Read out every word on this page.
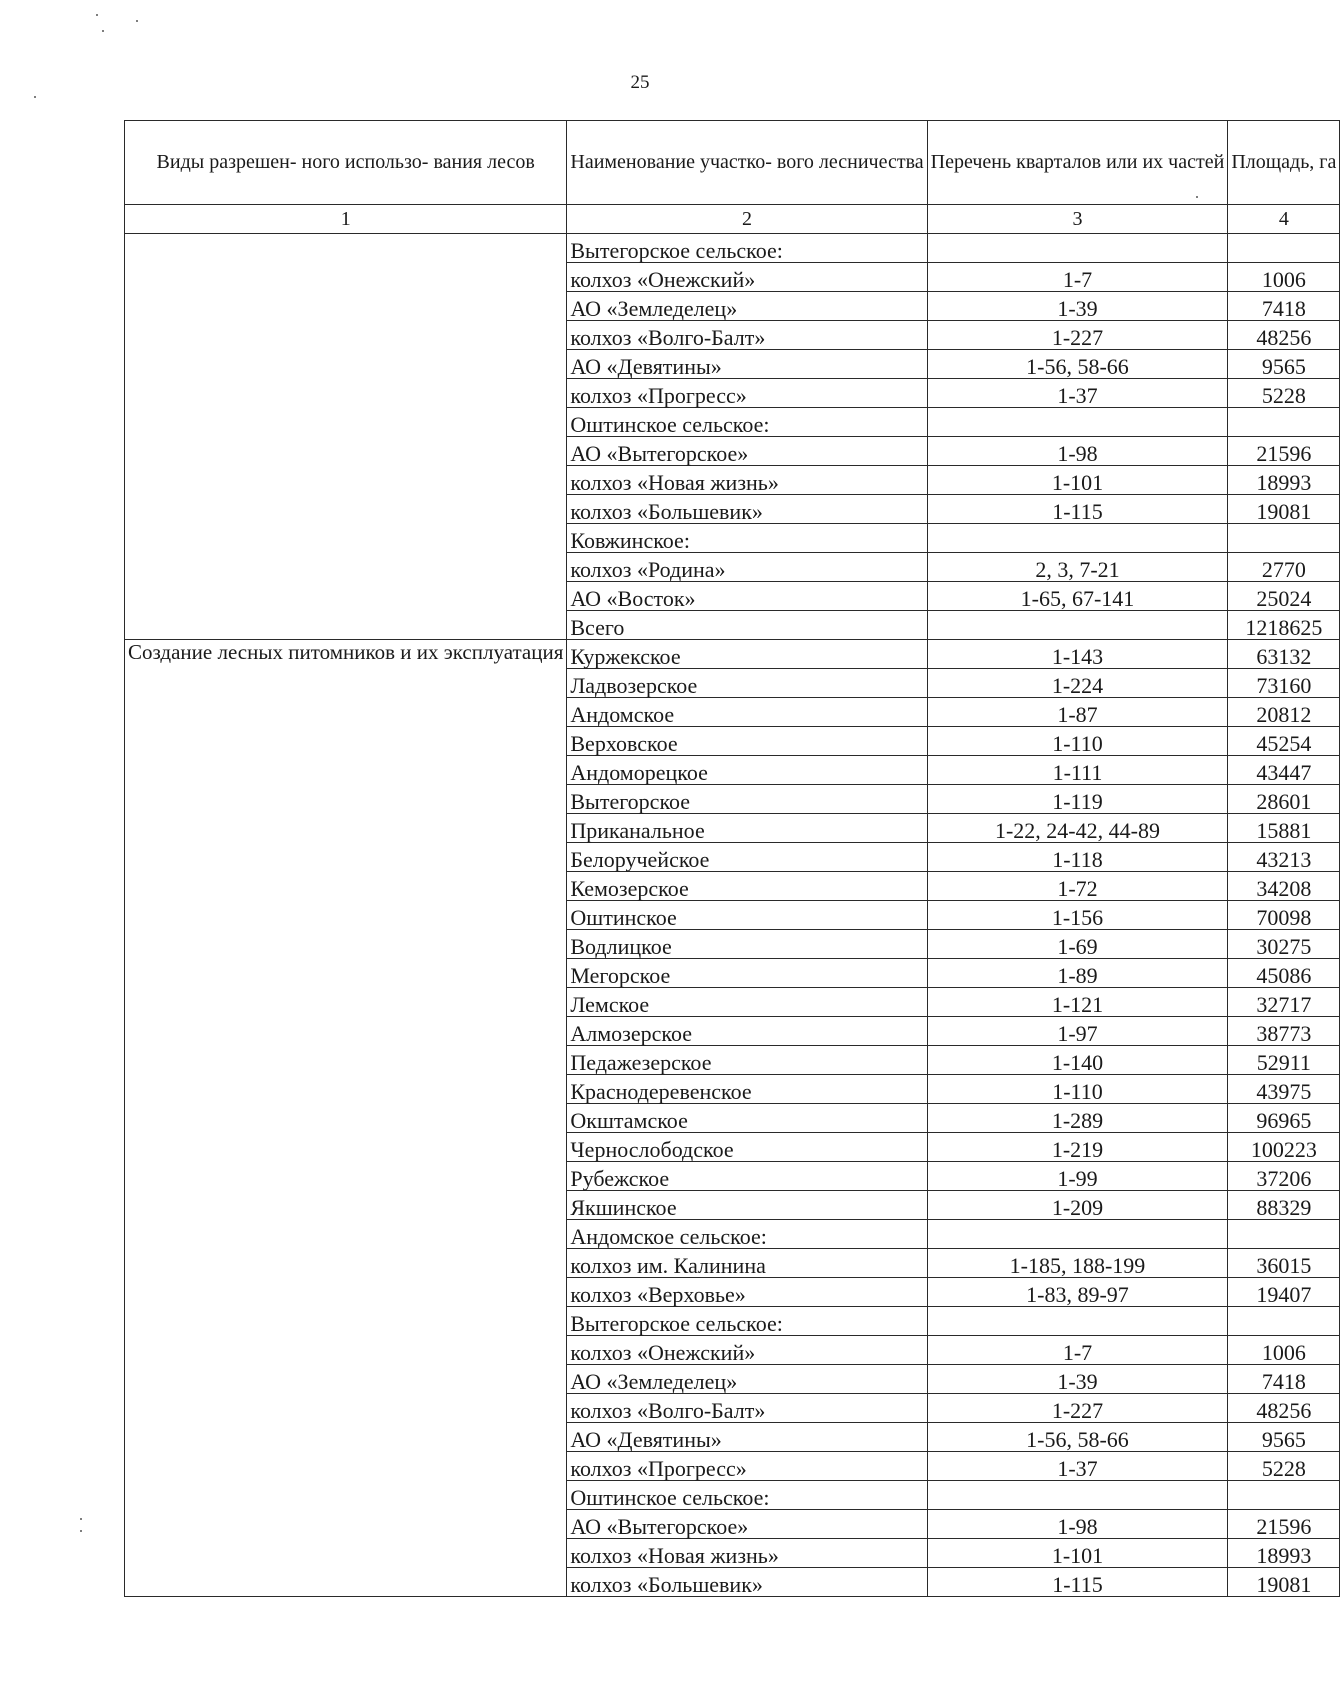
25
Виды разрешен- ного использо- вания лесов	Наименование участко- вого лесничества	Перечень кварталов или их частей	Площадь, га
1	2	3	4
	Вытегорское сельское:		
	колхоз «Онежский»	1-7	1006
	АО «Земледелец»	1-39	7418
	колхоз «Волго-Балт»	1-227	48256
	АО «Девятины»	1-56, 58-66	9565
	колхоз «Прогресс»	1-37	5228
	Оштинское сельское:		
	АО «Вытегорское»	1-98	21596
	колхоз «Новая жизнь»	1-101	18993
	колхоз «Большевик»	1-115	19081
	Ковжинское:		
	колхоз «Родина»	2, 3, 7-21	2770
	АО «Восток»	1-65, 67-141	25024
	Всего		1218625
Создание лесных питомников и их эксплуатация	Куржекское	1-143	63132
	Ладвозерское	1-224	73160
	Андомское	1-87	20812
	Верховское	1-110	45254
	Андоморецкое	1-111	43447
	Вытегорское	1-119	28601
	Приканальное	1-22, 24-42, 44-89	15881
	Белоручейское	1-118	43213
	Кемозерское	1-72	34208
	Оштинское	1-156	70098
	Водлицкое	1-69	30275
	Мегорское	1-89	45086
	Лемское	1-121	32717
	Алмозерское	1-97	38773
	Педажезерское	1-140	52911
	Краснодеревенское	1-110	43975
	Окштамское	1-289	96965
	Чернослободское	1-219	100223
	Рубежское	1-99	37206
	Якшинское	1-209	88329
	Андомское сельское:		
	колхоз им. Калинина	1-185, 188-199	36015
	колхоз «Верховье»	1-83, 89-97	19407
	Вытегорское сельское:		
	колхоз «Онежский»	1-7	1006
	АО «Земледелец»	1-39	7418
	колхоз «Волго-Балт»	1-227	48256
	АО «Девятины»	1-56, 58-66	9565
	колхоз «Прогресс»	1-37	5228
	Оштинское сельское:		
	АО «Вытегорское»	1-98	21596
	колхоз «Новая жизнь»	1-101	18993
	колхоз «Большевик»	1-115	19081
